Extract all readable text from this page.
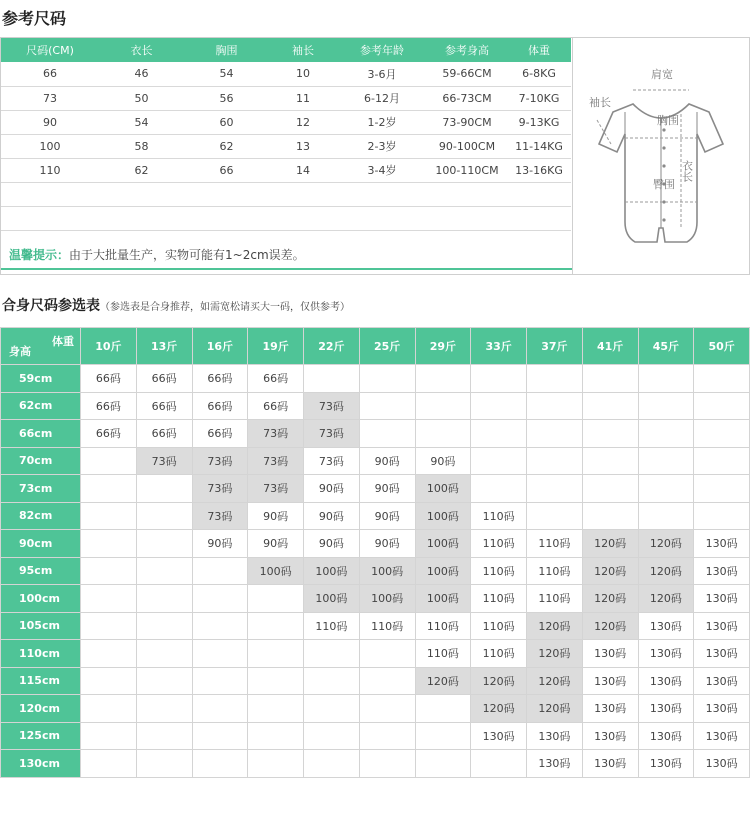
参考尺码
尺码(CM)	衣长	胸围	袖长	参考年龄	参考身高	体重
66	46	54	10	3-6月	59-66CM	6-8KG
73	50	56	11	6-12月	66-73CM	7-10KG
90	54	60	12	1-2岁	73-90CM	9-13KG
100	58	62	13	2-3岁	90-100CM	11-14KG
110	62	66	14	3-4岁	100-110CM	13-16KG

温馨提示：由于大批量生产，实物可能有1~2cm误差。
肩宽
袖长
胸围
衣长
臀围
合身尺码参选表（参选表是合身推荐，如需宽松请买大一码，仅供参考）
体重
身高	10斤	13斤	16斤	19斤	22斤	25斤	29斤	33斤	37斤	41斤	45斤	50斤
59cm	66码	66码	66码	66码								
62cm	66码	66码	66码	66码	73码							
66cm	66码	66码	66码	73码	73码							
70cm		73码	73码	73码	73码	90码	90码					
73cm			73码	73码	90码	90码	100码					
82cm			73码	90码	90码	90码	100码	110码				
90cm			90码	90码	90码	90码	100码	110码	110码	120码	120码	130码
95cm				100码	100码	100码	100码	110码	110码	120码	120码	130码
100cm					100码	100码	100码	110码	110码	120码	120码	130码
105cm					110码	110码	110码	110码	120码	120码	130码	130码
110cm							110码	110码	120码	130码	130码	130码
115cm							120码	120码	120码	130码	130码	130码
120cm								120码	120码	130码	130码	130码
125cm								130码	130码	130码	130码	130码
130cm									130码	130码	130码	130码
